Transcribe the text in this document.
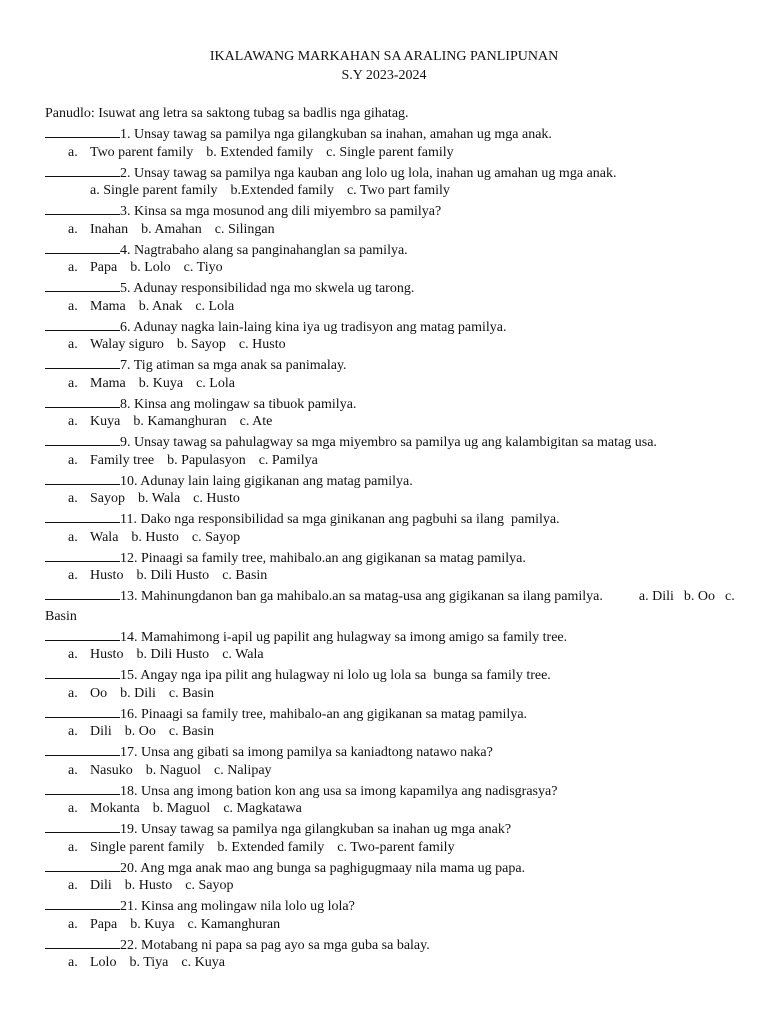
IKALAWANG MARKAHAN SA ARALING PANLIPUNAN
S.Y 2023-2024
Panudlo: Isuwat ang letra sa saktong tubag sa badlis nga gihatag.
1. Unsay tawag sa pamilya nga gilangkuban sa inahan, amahan ug mga anak.
a. Two parent family b. Extended family c. Single parent family
2. Unsay tawag sa pamilya nga kauban ang lolo ug lola, inahan ug amahan ug mga anak.
a. Single parent family b.Extended family c. Two part family
3. Kinsa sa mga mosunod ang dili miyembro sa pamilya?
a. Inahan b. Amahan c. Silingan
4. Nagtrabaho alang sa panginahanglan sa pamilya.
a. Papa b. Lolo c. Tiyo
5. Adunay responsibilidad nga mo skwela ug tarong.
a. Mama b. Anak c. Lola
6. Adunay nagka lain-laing kina iya ug tradisyon ang matag pamilya.
a. Walay siguro b. Sayop c. Husto
7. Tig atiman sa mga anak sa panimalay.
a. Mama b. Kuya c. Lola
8. Kinsa ang molingaw sa tibuok pamilya.
a. Kuya b. Kamanghuran c. Ate
9. Unsay tawag sa pahulagway sa mga miyembro sa pamilya ug ang kalambigitan sa matag usa.
a. Family tree b. Papulasyon c. Pamilya
10. Adunay lain laing gigikanan ang matag pamilya.
a. Sayop b. Wala c. Husto
11. Dako nga responsibilidad sa mga ginikanan ang pagbuhi sa ilang  pamilya.
a. Wala b. Husto c. Sayop
12. Pinaagi sa family tree, mahibalo.an ang gigikanan sa matag pamilya.
a. Husto b. Dili Husto c. Basin
13. Mahinungdanon ban ga mahibalo.an sa matag-usa ang gigikanan sa ilang pamilya.	a. Dili b. Oo c. Basin
14. Mamahimong i-apil ug papilit ang hulagway sa imong amigo sa family tree.
a. Husto b. Dili Husto c. Wala
15. Angay nga ipa pilit ang hulagway ni lolo ug lola sa  bunga sa family tree.
a. Oo b. Dili c. Basin
16. Pinaagi sa family tree, mahibalo-an ang gigikanan sa matag pamilya.
a. Dili b. Oo c. Basin
17. Unsa ang gibati sa imong pamilya sa kaniadtong natawo naka?
a. Nasuko b. Naguol c. Nalipay
18. Unsa ang imong bation kon ang usa sa imong kapamilya ang nadisgrasya?
a. Mokanta b. Maguol c. Magkatawa
19. Unsay tawag sa pamilya nga gilangkuban sa inahan ug mga anak?
a. Single parent family b. Extended family c. Two-parent family
20. Ang mga anak mao ang bunga sa paghigugmaay nila mama ug papa.
a. Dili b. Husto c. Sayop
21. Kinsa ang molingaw nila lolo ug lola?
a. Papa b. Kuya c. Kamanghuran
22. Motabang ni papa sa pag ayo sa mga guba sa balay.
a. Lolo b. Tiya c. Kuya
